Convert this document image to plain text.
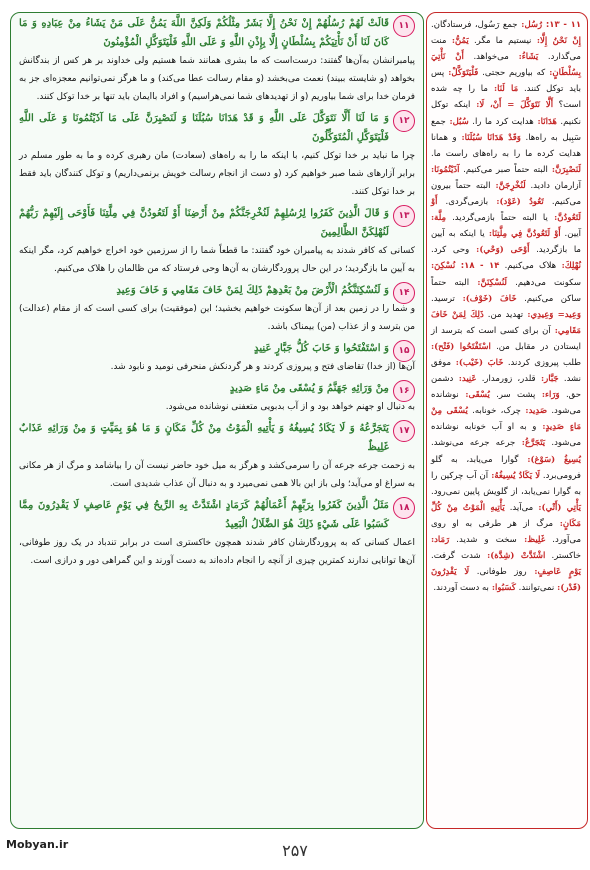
۱۱
قَالَتْ لَهُمْ رُسُلُهُمْ إِنْ نَحْنُ إِلَّا بَشَرٌ مِثْلُكُمْ وَلَكِنَّ اللَّهَ يَمُنُّ عَلَى مَنْ يَشَاءُ مِنْ عِبَادِهِ وَ مَا كَانَ لَنَا أَنْ نَأْتِيَكُمْ بِسُلْطَانٍ إِلَّا بِإِذْنِ اللَّهِ وَ عَلَى اللَّهِ فَلْيَتَوَكَّلِ الْمُؤْمِنُونَ
پیامبرانشان به‌آن‌ها گفتند: درست‌است که ما بشری همانند شما هستیم ولی خداوند بر هر کس از بندگانش بخواهد (و شایسته ببیند) نعمت می‌بخشد (و مقام رسالت عطا می‌کند) و ما هرگز نمی‌توانیم معجزه‌ای جز به فرمان خدا برای شما بیاوریم (و از تهدیدهای شما نمی‌هراسیم) و افراد باایمان باید تنها بر خدا توکل کنند.
۱۲
وَ مَا لَنَا أَلَّا نَتَوَكَّلَ عَلَى اللَّهِ وَ قَدْ هَدَانَا سُبُلَنَا وَ لَنَصْبِرَنَّ عَلَى مَا آذَيْتُمُونَا وَ عَلَى اللَّهِ فَلْيَتَوَكَّلِ الْمُتَوَكِّلُونَ
چرا ما نباید بر خدا توکل کنیم، با اینکه ما را به راه‌های (سعادت) مان رهبری کرده و ما به طور مسلم در برابر آزارهای شما صبر خواهیم کرد (و دست از انجام رسالت خویش برنمی‌داریم) و توکل کنندگان باید فقط بر خدا توکل کنند.
۱۳
وَ قَالَ الَّذِينَ كَفَرُوا لِرُسُلِهِمْ لَنُخْرِجَنَّكُمْ مِنْ أَرْضِنَا أَوْ لَتَعُودُنَّ فِي مِلَّتِنَا فَأَوْحَى إِلَيْهِمْ رَبُّهُمْ لَنُهْلِكَنَّ الظَّالِمِينَ
کسانی که کافر شدند به پیامبران خود گفتند: ما قطعاً شما را از سرزمین خود اخراج خواهیم کرد، مگر اینکه به آیین ما بازگردید؛ در این حال پروردگارشان به آن‌ها وحی فرستاد که من ظالمان را هلاک می‌کنیم.
۱۴
وَ لَنُسْكِنَنَّكُمُ الْأَرْضَ مِنْ بَعْدِهِمْ ذَلِكَ لِمَنْ خَافَ مَقَامِي وَ خَافَ وَعِيدِ
و شما را در زمین بعد از آن‌ها سکونت خواهیم بخشید؛ این (موفقیت) برای کسی است که از مقام (عدالت) من بترسد و از عذاب (من) بیمناک باشد.
۱۵
وَ اسْتَفْتَحُوا وَ خَابَ كُلُّ جَبَّارٍ عَنِيدٍ
آن‌ها (از خدا) تقاضای فتح و پیروزی کردند و هر گردنکش منحرفی نومید و نابود شد.
۱۶
مِنْ وَرَائِهِ جَهَنَّمُ وَ يُسْقَى مِنْ مَاءٍ صَدِيدٍ
به دنبال او جهنم خواهد بود و از آب بدبویی متعفنی نوشانده می‌شود.
۱۷
يَتَجَرَّعُهُ وَ لَا يَكَادُ يُسِيغُهُ وَ يَأْتِيهِ الْمَوْتُ مِنْ كُلِّ مَكَانٍ وَ مَا هُوَ بِمَيِّتٍ وَ مِنْ وَرَائِهِ عَذَابٌ غَلِيظٌ
به زحمت جرعه جرعه آن را سرمی‌کشد و هرگز به میل خود حاضر نیست آن را بیاشامد و مرگ از هر مکانی به سراغ او می‌آید؛ ولی باز این بالا همی نمی‌میرد و به دنبال آن عذاب شدیدی است.
۱۸
مَثَلُ الَّذِينَ كَفَرُوا بِرَبِّهِمْ أَعْمَالُهُمْ كَرَمَادٍ اشْتَدَّتْ بِهِ الرِّيحُ فِي يَوْمٍ عَاصِفٍ لَا يَقْدِرُونَ مِمَّا كَسَبُوا عَلَى شَيْءٍ ذَلِكَ هُوَ الضَّلَالُ الْبَعِيدُ
اعمال کسانی که به پروردگارشان کافر شدند همچون خاکستری است در برابر تندباد در یک روز طوفانی، آن‌ها توانایی ندارند کمترین چیزی از آنچه را انجام داده‌اند به دست آورند و این گمراهی دور و درازی است.
۱۱ - ۱۳: رُسُل: جمع رَسُول، فرستادگان. إِنْ نَحْنُ إِلَّا: نیستیم ما مگر. يَمُنُّ: منت می‌گذارد. يَشَاءُ: می‌خواهد. أَنْ نَأْتِيَ بِسُلْطَانٍ: که بیاوریم حجتی. فَلْيَتَوَكَّلْ: پس باید توکل کنند. مَا لَنَا: ما را چه شده است؟ أَلَّا نَتَوَكَّلَ = أَنْ، لَا: اینکه توکل نکنیم. هَدَانَا: هدایت کرد ما را. سُبُل: جمع سَبِيل به راه‌ها. وَقَدْ هَدَانَا سُبُلَنَا: و همانا هدایت کرده ما را به راه‌های راست ما. لَنَصْبِرَنَّ: البته حتماً صبر می‌کنیم. آذَيْتُمُونَا: آزارمان دادید. لَنُخْرِجَنَّ: البته حتماً بیرون می‌کنیم. تَعُودُ (عَوْد): بازمی‌گردی. أَوْ لَتَعُودُنَّ: یا البته حتماً بازمی‌گردید. مِلَّة: آیین. أَوْ لَتَعُودُنَّ فِي مِلَّتِنَا: یا اینکه به آیین ما بازگردید. أَوْحَى (وَحْي): وحی کرد. نُهْلِكَ: هلاک می‌کنیم. ۱۴ - ۱۸: نُسْكِنَ: سکونت می‌دهیم. لَنُسْكِنَنَّ: البته حتماً ساکن می‌کنیم. خَافَ (خَوْف): ترسید. وَعِيد= وَعِيدِي: تهدید من. ذَلِكَ لِمَنْ خَافَ مَقَامِي: آن برای کسی است که بترسد از ایستادن در مقابل من. اسْتَفْتَحُوا (فَتْح): طلب پیروزی کردند. خَابَ (خَيْب): موفق نشد. جَبَّار: قلدر، زورمدار. عَنِيد: دشمن حق. وَرَاء: پشت سر. يُسْقَى: نوشانده می‌شود. صَدِيد: چرک، خونابه. يُسْقَى مِنْ مَاءٍ صَدِيدٍ: و به او آب خونابه نوشانده می‌شود. يَتَجَرَّعُ: جرعه جرعه می‌نوشد. يُسِيغُ (سَوْغ): گوارا می‌یابد، به گلو فرومی‌برد. لَا يَكَادُ يُسِيغُهُ: آن آب چرکین را به گوارا نمی‌یابد، از گلویش پایین نمی‌رود. يَأْتِي (أَتْي): می‌آید. يَأْتِيهِ الْمَوْتُ مِنْ كُلِّ مَكَانٍ: مرگ از هر طرفی به او روی می‌آورد. غَلِيظ: سخت و شدید. رَمَاد: خاکستر. اشْتَدَّتْ (شِدَّة): شدت گرفت. يَوْمٍ عَاصِفٍ: روز طوفانی. لَا يَقْدِرُونَ (قَدْر): نمی‌توانند. كَسَبُوا: به دست آوردند.
Mobyan.ir	۲۵۷
